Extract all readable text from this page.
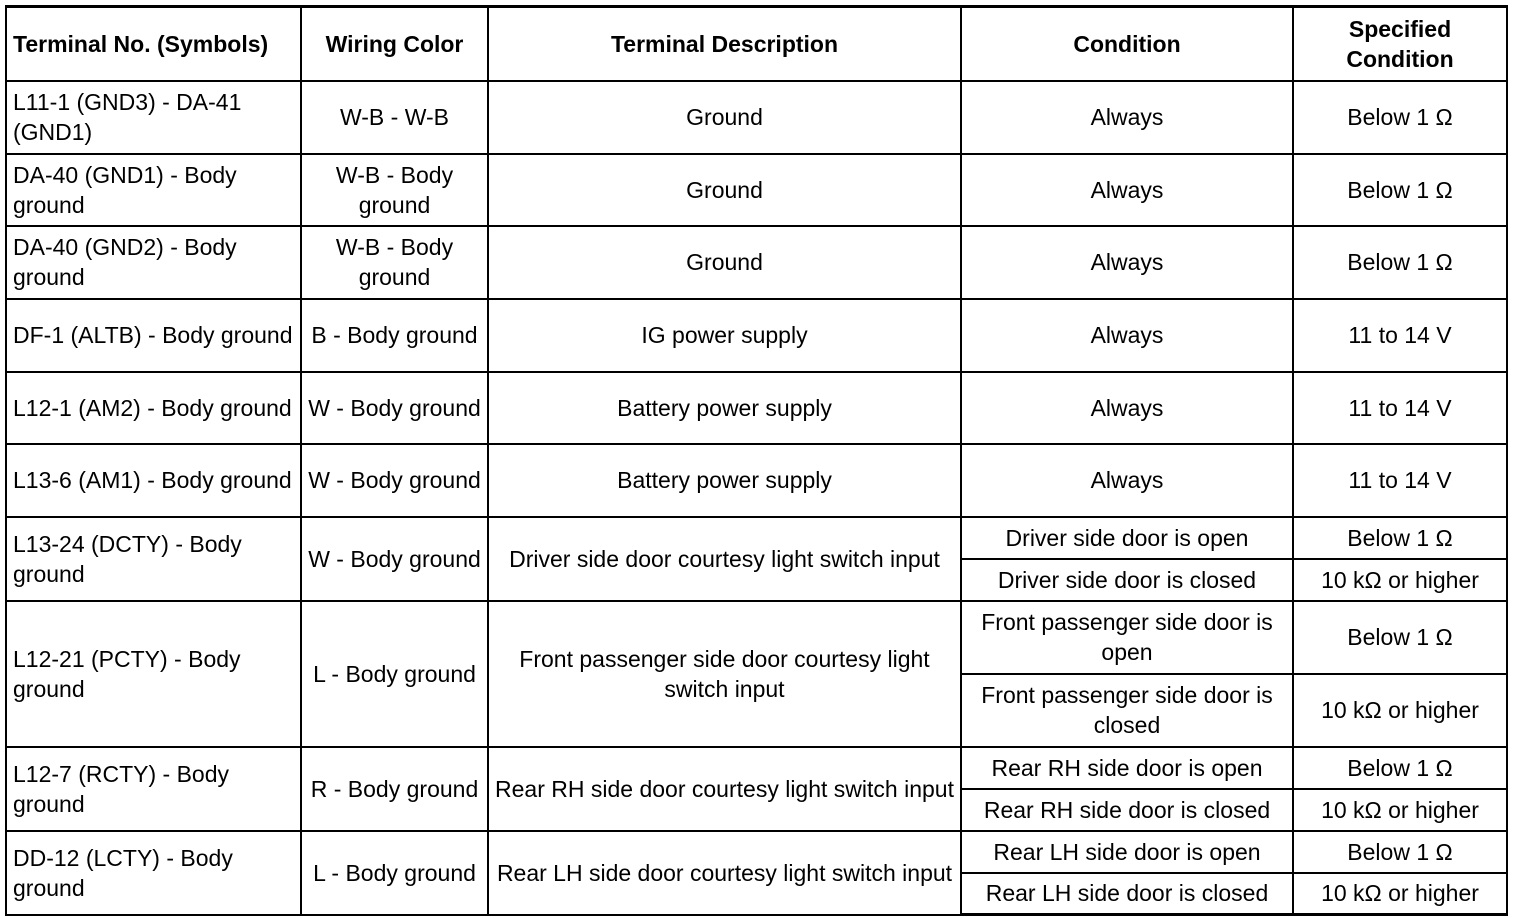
Terminal No. (Symbols)	Wiring Color	Terminal Description	Condition	Specified Condition
L11-1 (GND3) - DA-41 (GND1)	W-B - W-B	Ground	Always	Below 1 Ω
DA-40 (GND1) - Body ground	W-B - Body ground	Ground	Always	Below 1 Ω
DA-40 (GND2) - Body ground	W-B - Body ground	Ground	Always	Below 1 Ω
DF-1 (ALTB) - Body ground	B - Body ground	IG power supply	Always	11 to 14 V
L12-1 (AM2) - Body ground	W - Body ground	Battery power supply	Always	11 to 14 V
L13-6 (AM1) - Body ground	W - Body ground	Battery power supply	Always	11 to 14 V
L13-24 (DCTY) - Body ground	W - Body ground	Driver side door courtesy light switch input	Driver side door is open	Below 1 Ω
			Driver side door is closed	10 kΩ or higher
L12-21 (PCTY) - Body ground	L - Body ground	Front passenger side door courtesy light switch input	Front passenger side door is open	Below 1 Ω
			Front passenger side door is closed	10 kΩ or higher
L12-7 (RCTY) - Body ground	R - Body ground	Rear RH side door courtesy light switch input	Rear RH side door is open	Below 1 Ω
			Rear RH side door is closed	10 kΩ or higher
DD-12 (LCTY) - Body ground	L - Body ground	Rear LH side door courtesy light switch input	Rear LH side door is open	Below 1 Ω
			Rear LH side door is closed	10 kΩ or higher
